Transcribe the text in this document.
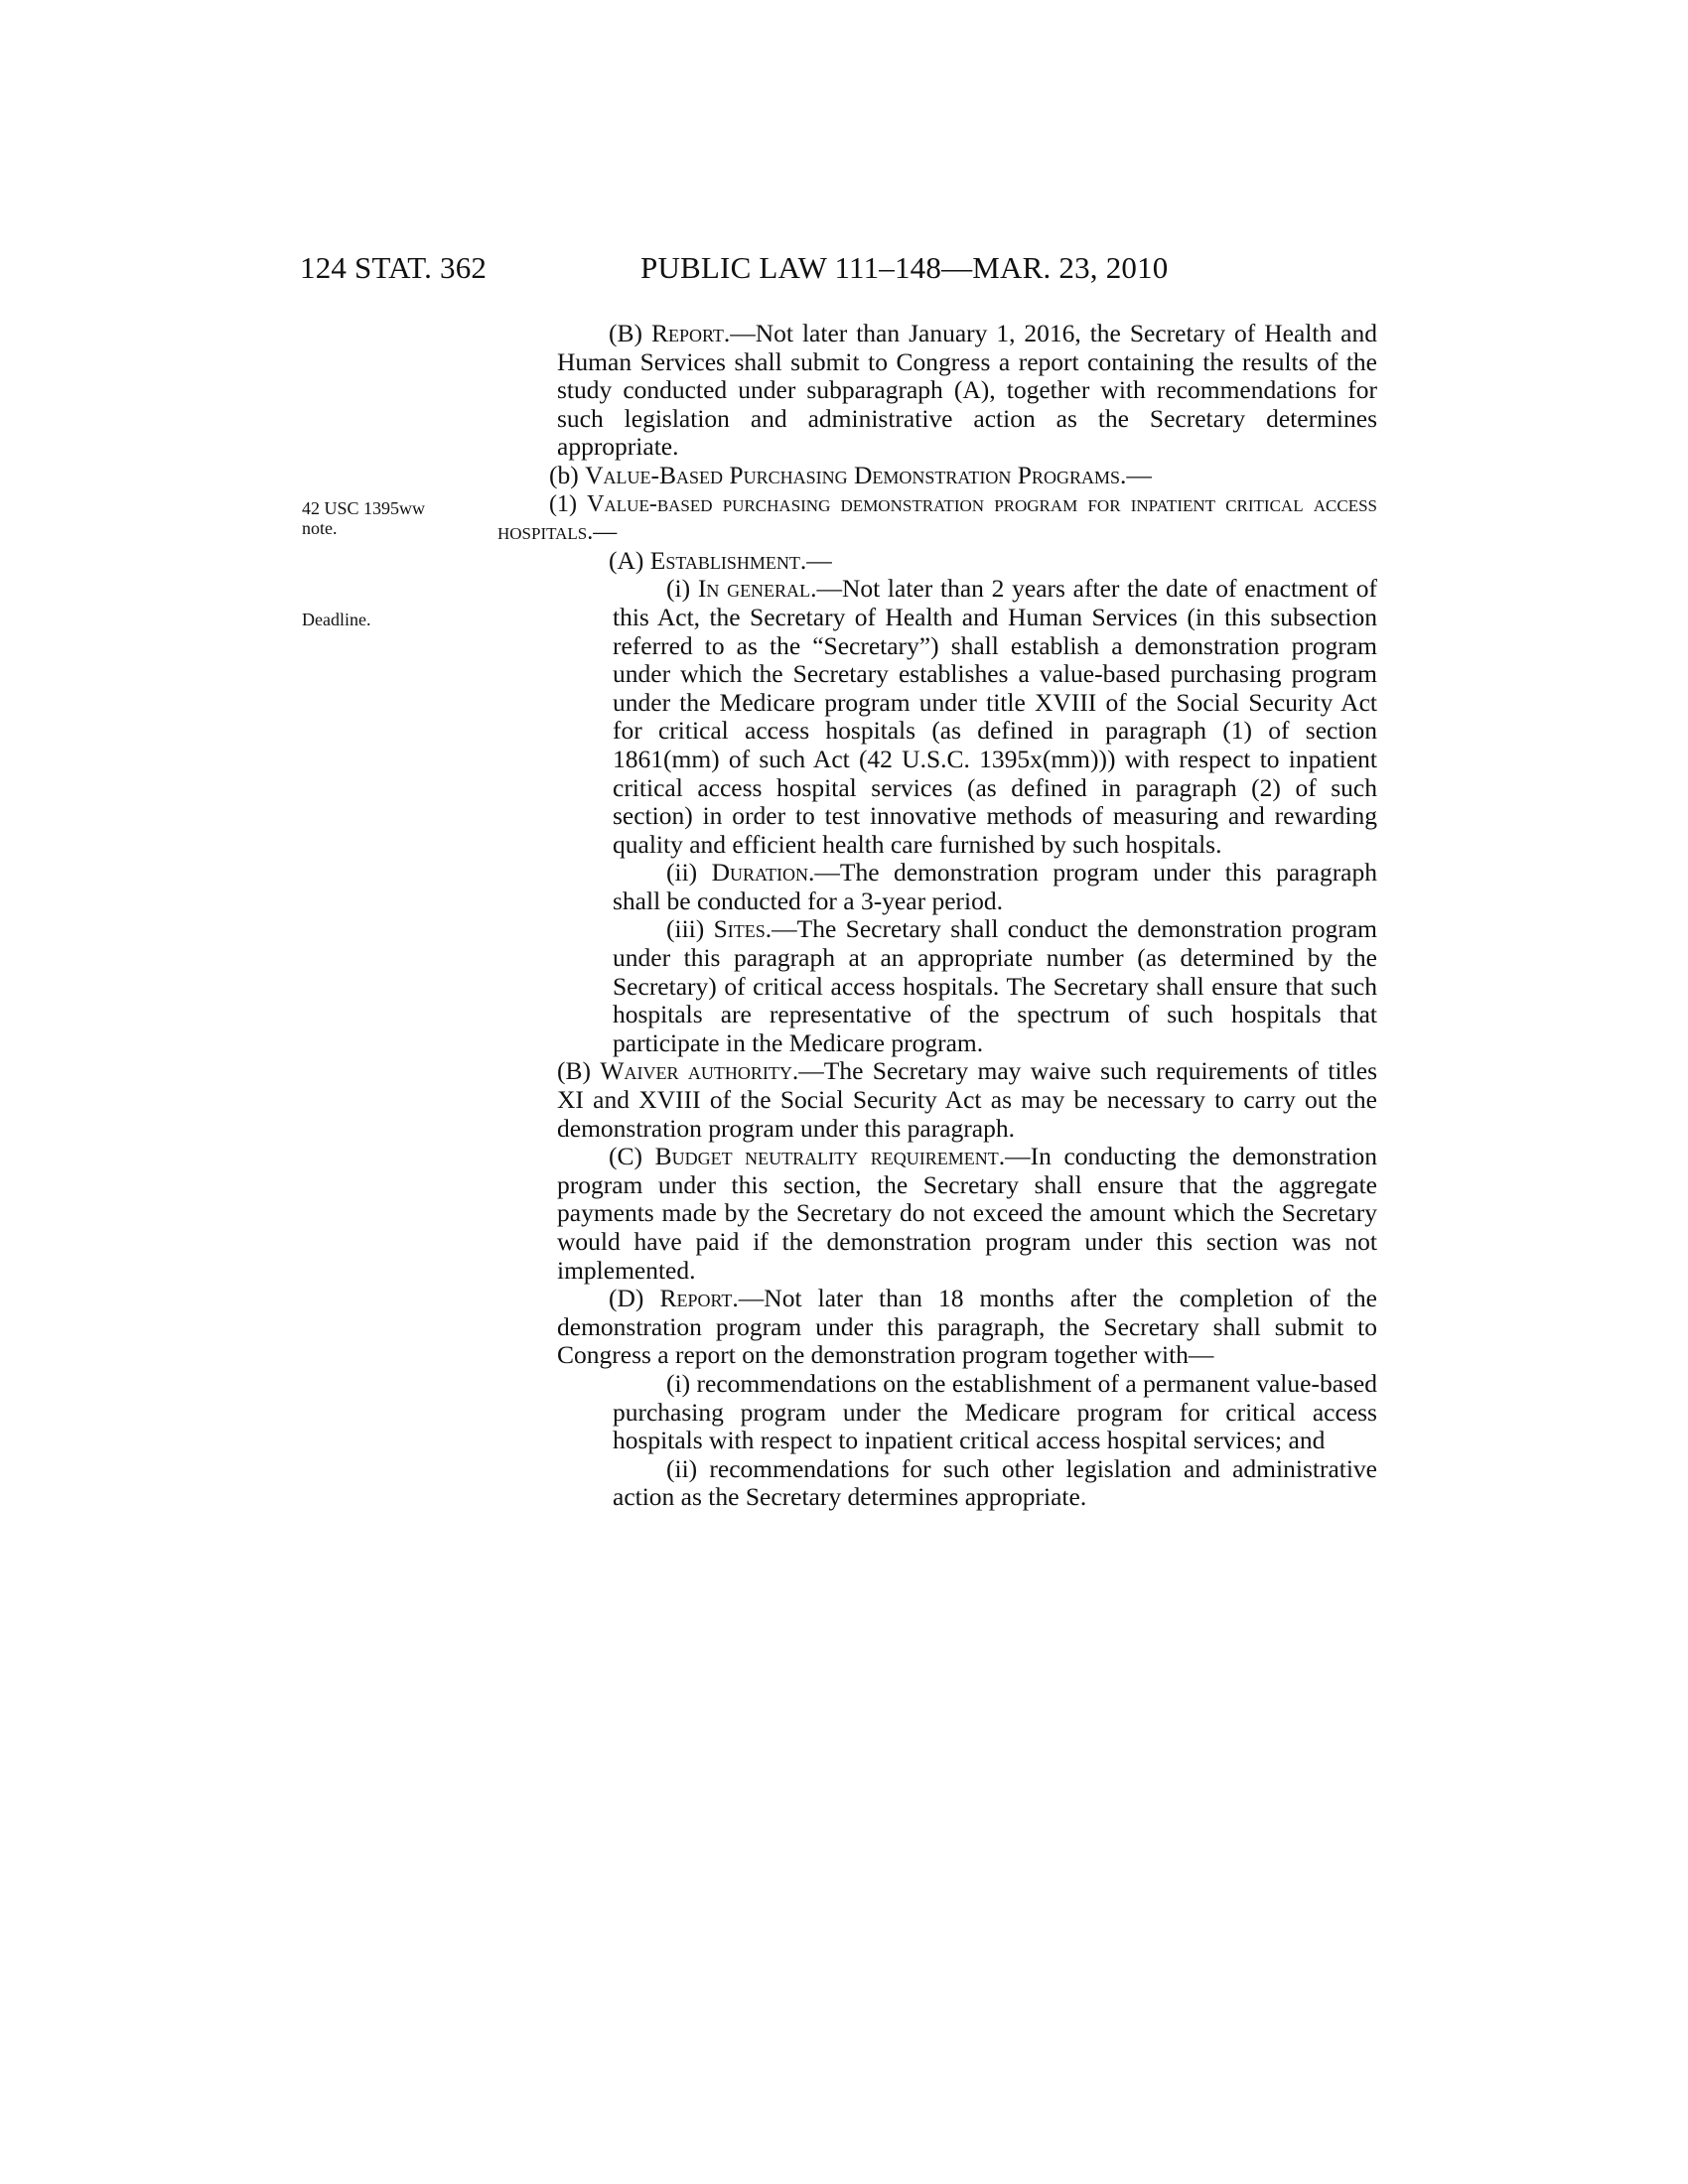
124 STAT. 362	PUBLIC LAW 111–148—MAR. 23, 2010
42 USC 1395ww
note.
Deadline.

(B) Report.—Not later than January 1, 2016, the Secretary of Health and Human Services shall submit to Congress a report containing the results of the study conducted under subparagraph (A), together with recommendations for such legislation and administrative action as the Secretary determines appropriate.

(b) Value-Based Purchasing Demonstration Programs.—

(1) Value-based purchasing demonstration program for inpatient critical access hospitals.—

(A) Establishment.—

(i) In general.—Not later than 2 years after the date of enactment of this Act, the Secretary of Health and Human Services (in this subsection referred to as the “Secretary”) shall establish a demonstration program under which the Secretary establishes a value-based purchasing program under the Medicare program under title XVIII of the Social Security Act for critical access hospitals (as defined in paragraph (1) of section 1861(mm) of such Act (42 U.S.C. 1395x(mm))) with respect to inpatient critical access hospital services (as defined in paragraph (2) of such section) in order to test innovative methods of measuring and rewarding quality and efficient health care furnished by such hospitals.

(ii) Duration.—The demonstration program under this paragraph shall be conducted for a 3-year period.

(iii) Sites.—The Secretary shall conduct the demonstration program under this paragraph at an appropriate number (as determined by the Secretary) of critical access hospitals. The Secretary shall ensure that such hospitals are representative of the spectrum of such hospitals that participate in the Medicare program.

(B) Waiver authority.—The Secretary may waive such requirements of titles XI and XVIII of the Social Security Act as may be necessary to carry out the demonstration program under this paragraph.

(C) Budget neutrality requirement.—In conducting the demonstration program under this section, the Secretary shall ensure that the aggregate payments made by the Secretary do not exceed the amount which the Secretary would have paid if the demonstration program under this section was not implemented.

(D) Report.—Not later than 18 months after the completion of the demonstration program under this paragraph, the Secretary shall submit to Congress a report on the demonstration program together with—

(i) recommendations on the establishment of a permanent value-based purchasing program under the Medicare program for critical access hospitals with respect to inpatient critical access hospital services; and

(ii) recommendations for such other legislation and administrative action as the Secretary determines appropriate.
